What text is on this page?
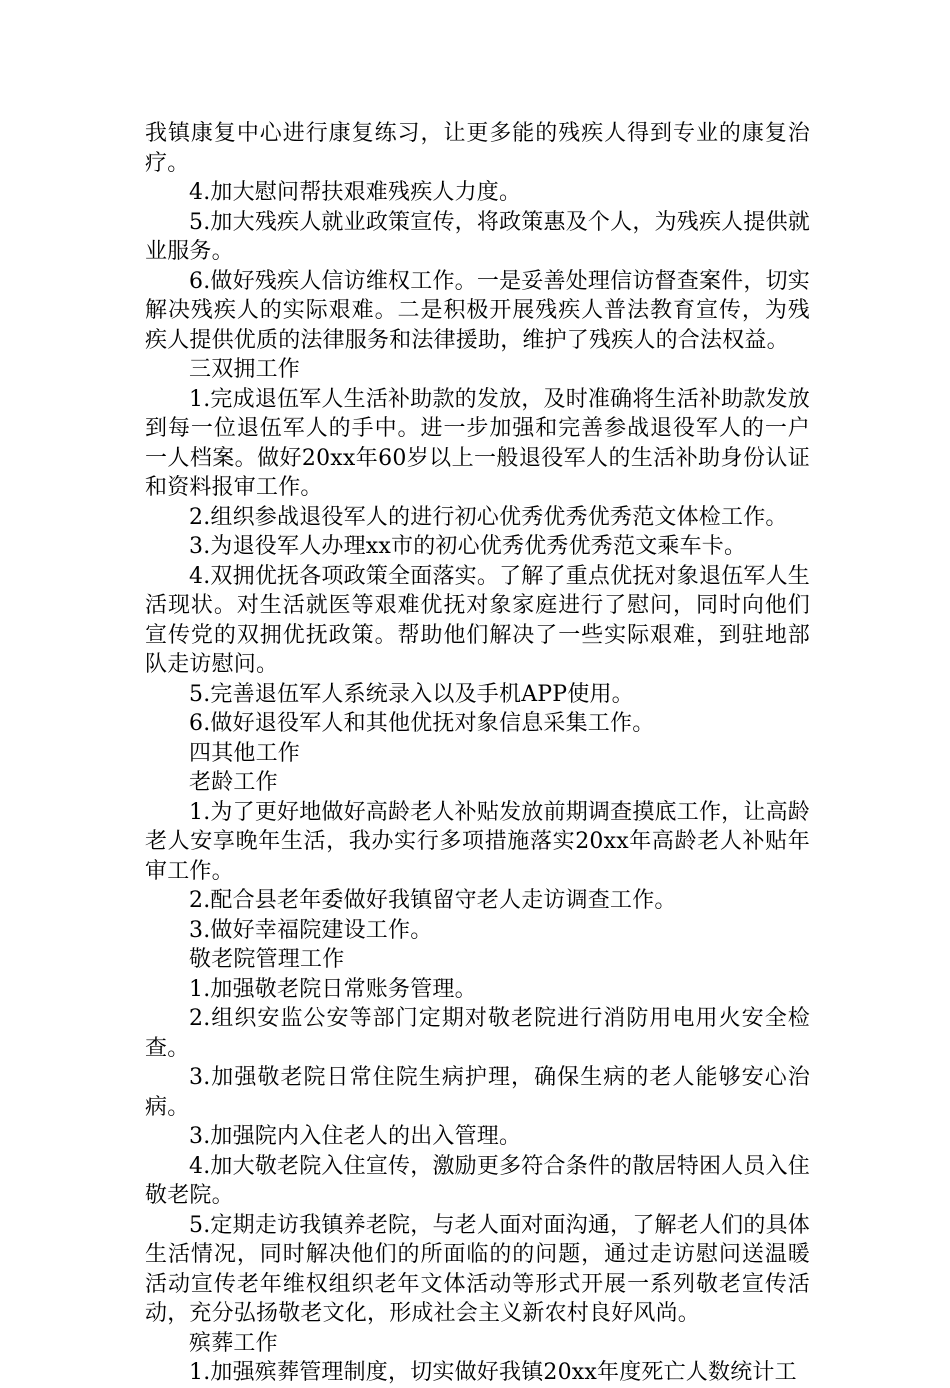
我镇康复中心进行康复练习，让更多能的残疾人得到专业的康复治疗。

4.加大慰问帮扶艰难残疾人力度。

5.加大残疾人就业政策宣传，将政策惠及个人，为残疾人提供就业服务。

6.做好残疾人信访维权工作。一是妥善处理信访督查案件，切实解决残疾人的实际艰难。二是积极开展残疾人普法教育宣传，为残疾人提供优质的法律服务和法律援助，维护了残疾人的合法权益。

三双拥工作

1.完成退伍军人生活补助款的发放，及时准确将生活补助款发放到每一位退伍军人的手中。进一步加强和完善参战退役军人的一户一人档案。做好20xx年60岁以上一般退役军人的生活补助身份认证和资料报审工作。

2.组织参战退役军人的进行初心优秀优秀优秀范文体检工作。

3.为退役军人办理xx市的初心优秀优秀优秀范文乘车卡。

4.双拥优抚各项政策全面落实。了解了重点优抚对象退伍军人生活现状。对生活就医等艰难优抚对象家庭进行了慰问，同时向他们宣传党的双拥优抚政策。帮助他们解决了一些实际艰难，到驻地部队走访慰问。

5.完善退伍军人系统录入以及手机APP使用。

6.做好退役军人和其他优抚对象信息采集工作。

四其他工作

老龄工作

1.为了更好地做好高龄老人补贴发放前期调查摸底工作，让高龄老人安享晚年生活，我办实行多项措施落实20xx年高龄老人补贴年审工作。

2.配合县老年委做好我镇留守老人走访调查工作。

3.做好幸福院建设工作。

敬老院管理工作

1.加强敬老院日常账务管理。

2.组织安监公安等部门定期对敬老院进行消防用电用火安全检查。

3.加强敬老院日常住院生病护理，确保生病的老人能够安心治病。

3.加强院内入住老人的出入管理。

4.加大敬老院入住宣传，激励更多符合条件的散居特困人员入住敬老院。

5.定期走访我镇养老院，与老人面对面沟通，了解老人们的具体生活情况，同时解决他们的所面临的的问题，通过走访慰问送温暖活动宣传老年维权组织老年文体活动等形式开展一系列敬老宣传活动，充分弘扬敬老文化，形成社会主义新农村良好风尚。

殡葬工作

1.加强殡葬管理制度，切实做好我镇20xx年度死亡人数统计工
